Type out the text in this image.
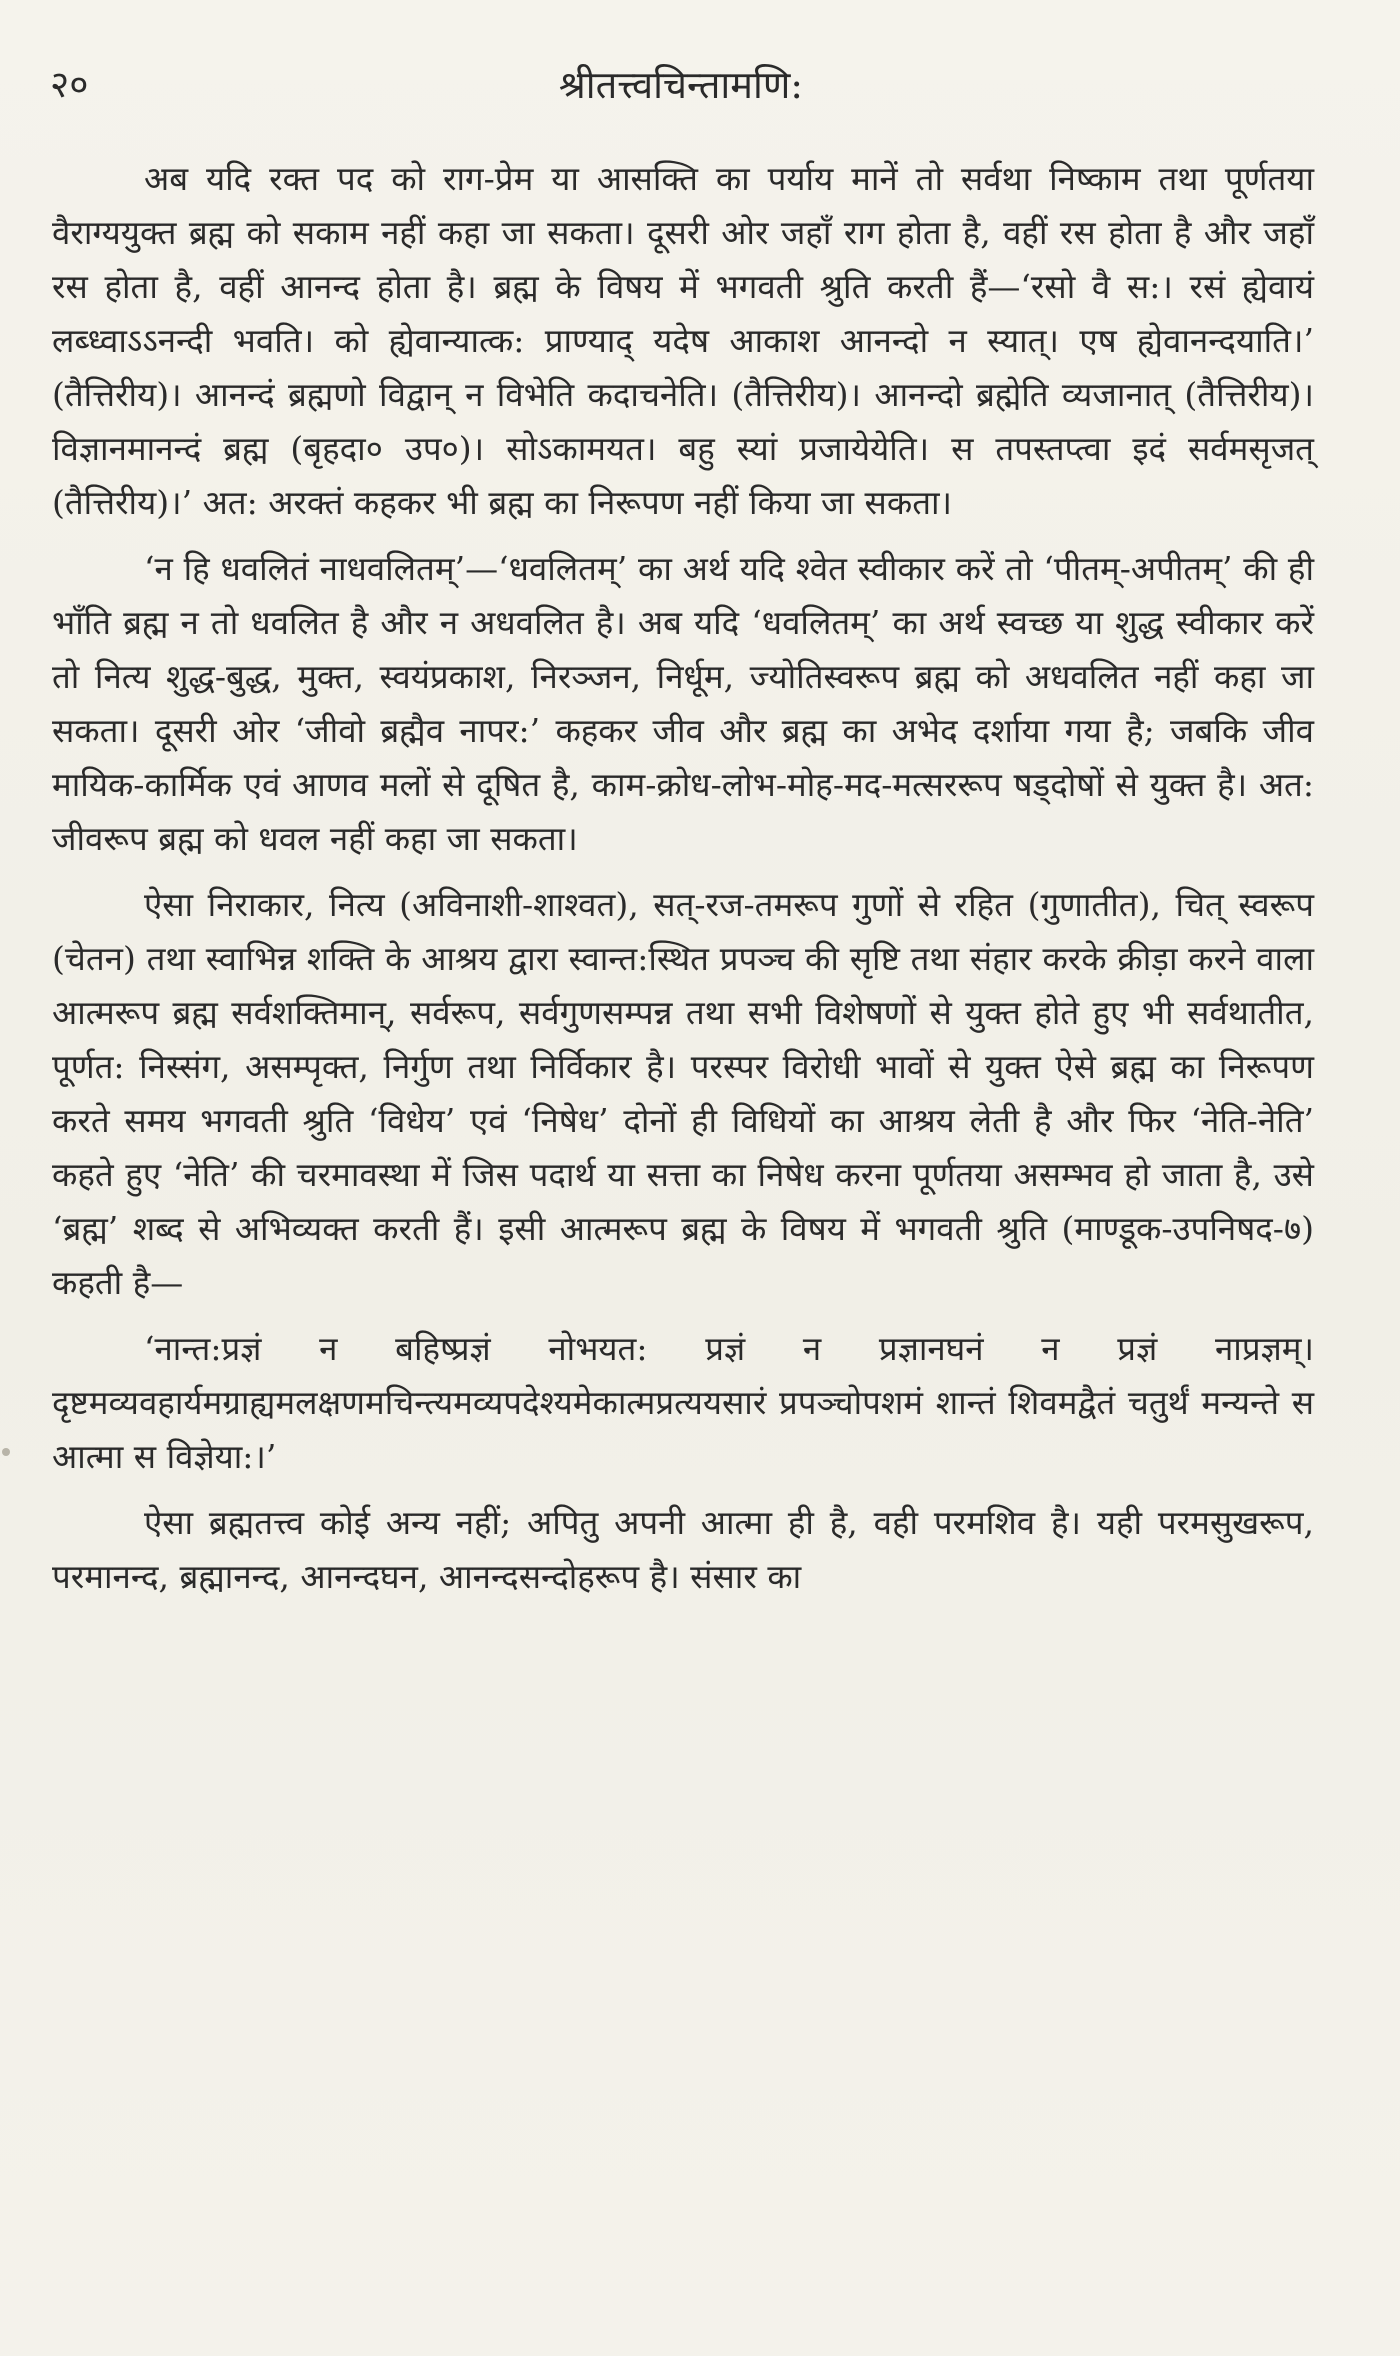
२०	श्रीतत्त्वचिन्तामणि:

अब यदि रक्त पद को राग-प्रेम या आसक्ति का पर्याय मानें तो सर्वथा निष्काम तथा पूर्णतया वैराग्ययुक्त ब्रह्म को सकाम नहीं कहा जा सकता। दूसरी ओर जहाँ राग होता है, वहीं रस होता है और जहाँ रस होता है, वहीं आनन्द होता है। ब्रह्म के विषय में भगवती श्रुति करती हैं—‘रसो वै स:। रसं ह्येवायं लब्ध्वाऽऽनन्दी भवति। को ह्येवान्यात्क: प्राण्याद् यदेष आकाश आनन्दो न स्यात्। एष ह्येवानन्दयाति।’ (तैत्तिरीय)। आनन्दं ब्रह्मणो विद्वान् न विभेति कदाचनेति। (तैत्तिरीय)। आनन्दो ब्रह्मेति व्यजानात् (तैत्तिरीय)। विज्ञानमानन्दं ब्रह्म (बृहदा० उप०)। सोऽकामयत। बहु स्यां प्रजायेयेति। स तपस्तप्त्वा इदं सर्वमसृजत् (तैत्तिरीय)।’ अत: अरक्तं कहकर भी ब्रह्म का निरूपण नहीं किया जा सकता।

‘न हि धवलितं नाधवलितम्’—‘धवलितम्’ का अर्थ यदि श्वेत स्वीकार करें तो ‘पीतम्-अपीतम्’ की ही भाँति ब्रह्म न तो धवलित है और न अधवलित है। अब यदि ‘धवलितम्’ का अर्थ स्वच्छ या शुद्ध स्वीकार करें तो नित्य शुद्ध-बुद्ध, मुक्त, स्वयंप्रकाश, निरञ्जन, निर्धूम, ज्योतिस्वरूप ब्रह्म को अधवलित नहीं कहा जा सकता। दूसरी ओर ‘जीवो ब्रह्मैव नापर:’ कहकर जीव और ब्रह्म का अभेद दर्शाया गया है; जबकि जीव मायिक-कार्मिक एवं आणव मलों से दूषित है, काम-क्रोध-लोभ-मोह-मद-मत्सररूप षड्दोषों से युक्त है। अत: जीवरूप ब्रह्म को धवल नहीं कहा जा सकता।

ऐसा निराकार, नित्य (अविनाशी-शाश्वत), सत्-रज-तमरूप गुणों से रहित (गुणातीत), चित् स्वरूप (चेतन) तथा स्वाभिन्न शक्ति के आश्रय द्वारा स्वान्त:स्थित प्रपञ्च की सृष्टि तथा संहार करके क्रीड़ा करने वाला आत्मरूप ब्रह्म सर्वशक्तिमान्, सर्वरूप, सर्वगुणसम्पन्न तथा सभी विशेषणों से युक्त होते हुए भी सर्वथातीत, पूर्णत: निस्संग, असम्पृक्त, निर्गुण तथा निर्विकार है। परस्पर विरोधी भावों से युक्त ऐसे ब्रह्म का निरूपण करते समय भगवती श्रुति ‘विधेय’ एवं ‘निषेध’ दोनों ही विधियों का आश्रय लेती है और फिर ‘नेति-नेति’ कहते हुए ‘नेति’ की चरमावस्था में जिस पदार्थ या सत्ता का निषेध करना पूर्णतया असम्भव हो जाता है, उसे ‘ब्रह्म’ शब्द से अभिव्यक्त करती हैं। इसी आत्मरूप ब्रह्म के विषय में भगवती श्रुति (माण्डूक-उपनिषद-७) कहती है—

‘नान्त:प्रज्ञं न बहिष्प्रज्ञं नोभयत: प्रज्ञं न प्रज्ञानघनं न प्रज्ञं नाप्रज्ञम्। दृष्टमव्यवहार्यमग्राह्यमलक्षणमचिन्त्यमव्यपदेश्यमेकात्मप्रत्ययसारं प्रपञ्चोपशमं शान्तं शिवमद्वैतं चतुर्थं मन्यन्ते स आत्मा स विज्ञेया:।’

ऐसा ब्रह्मतत्त्व कोई अन्य नहीं; अपितु अपनी आत्मा ही है, वही परमशिव है। यही परमसुखरूप, परमानन्द, ब्रह्मानन्द, आनन्दघन, आनन्दसन्दोहरूप है। संसार का
